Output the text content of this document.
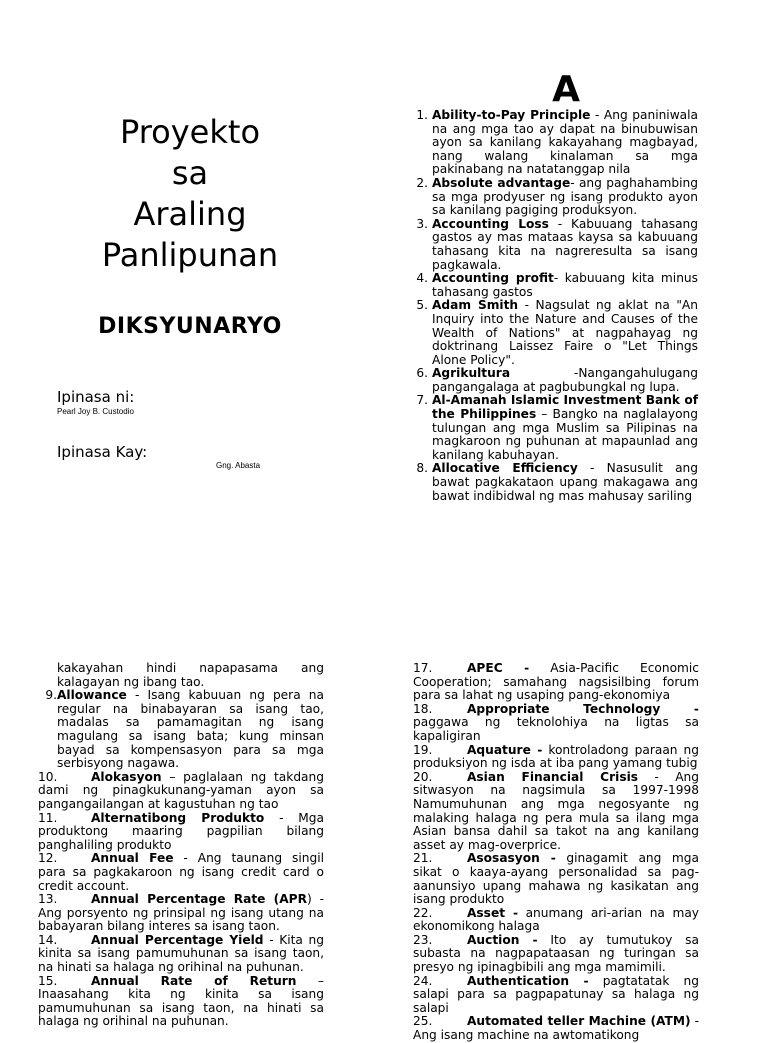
Proyekto
sa
Araling
Panlipunan
DIKSYUNARYO
Ipinasa ni:
Pearl Joy B. Custodio
Ipinasa Kay:
Gng. Abasta
A
1. Ability-to-Pay Principle - Ang paniniwala na ang mga tao ay dapat na binubuwisan ayon sa kanilang kakayahang magbayad, nang walang kinalaman sa mga pakinabang na natatanggap nila
2. Absolute advantage- ang paghahambing sa mga prodyuser ng isang produkto ayon sa kanilang pagiging produksyon.
3. Accounting Loss - Kabuuang tahasang gastos ay mas mataas kaysa sa kabuuang tahasang kita na nagreresulta sa isang pagkawala.
4. Accounting profit- kabuuang kita minus tahasang gastos
5. Adam Smith - Nagsulat ng aklat na "An Inquiry into the Nature and Causes of the Wealth of Nations" at nagpahayag ng doktrinang Laissez Faire o "Let Things Alone Policy".
6. Agrikultura -Nangangahulugang pangangalaga at pagbubungkal ng lupa.
7. Al-Amanah Islamic Investment Bank of the Philippines – Bangko na naglalayong tulungan ang mga Muslim sa Pilipinas na magkaroon ng puhunan at mapaunlad ang kanilang kabuhayan.
8. Allocative Efficiency - Nasusulit ang bawat pagkakataon upang makagawa ang bawat indibidwal ng mas mahusay sariling
kakayahan hindi napapasama ang kalagayan ng ibang tao.
9. Allowance - Isang kabuuan ng pera na regular na binabayaran sa isang tao, madalas sa pamamagitan ng isang magulang sa isang bata; kung minsan bayad sa kompensasyon para sa mga serbisyong nagawa.
10.	Alokasyon – paglalaan ng takdang dami ng pinagkukunang-yaman ayon sa pangangailangan at kagustuhan ng tao
11.	Alternatibong Produkto - Mga produktong maaring pagpilian bilang panghaliling produkto
12.	Annual Fee - Ang taunang singil para sa pagkakaroon ng isang credit card o credit account.
13.	Annual Percentage Rate (APR) - Ang porsyento ng prinsipal ng isang utang na babayaran bilang interes sa isang taon.
14.	Annual Percentage Yield - Kita ng kinita sa isang pamumuhunan sa isang taon, na hinati sa halaga ng orihinal na puhunan.
15.	Annual Rate of Return – Inaasahang kita ng kinita sa isang pamumuhunan sa isang taon, na hinati sa halaga ng orihinal na puhunan.
17.	APEC - Asia-Pacific Economic Cooperation; samahang nagsisilbing forum para sa lahat ng usaping pang-ekonomiya
18.	Appropriate Technology - paggawa ng teknolohiya na ligtas sa kapaligiran
19.	Aquature - kontroladong paraan ng produksiyon ng isda at iba pang yamang tubig
20.	Asian Financial Crisis - Ang sitwasyon na nagsimula sa 1997-1998 Namumuhunan ang mga negosyante ng malaking halaga ng pera mula sa ilang mga Asian bansa dahil sa takot na ang kanilang asset ay mag-overprice.
21.	Asosasyon - ginagamit ang mga sikat o kaaya-ayang personalidad sa pag-aanunsiyo upang mahawa ng kasikatan ang isang produkto
22.	Asset - anumang ari-arian na may ekonomikong halaga
23.	Auction - Ito ay tumutukoy sa subasta na nagpapataasan ng turingan sa presyo ng ipinagbibili ang mga mamimili.
24.	Authentication - pagtatatak ng salapi para sa pagpapatunay sa halaga ng salapi
25.	Automated teller Machine (ATM) - Ang isang machine na awtomatikong
